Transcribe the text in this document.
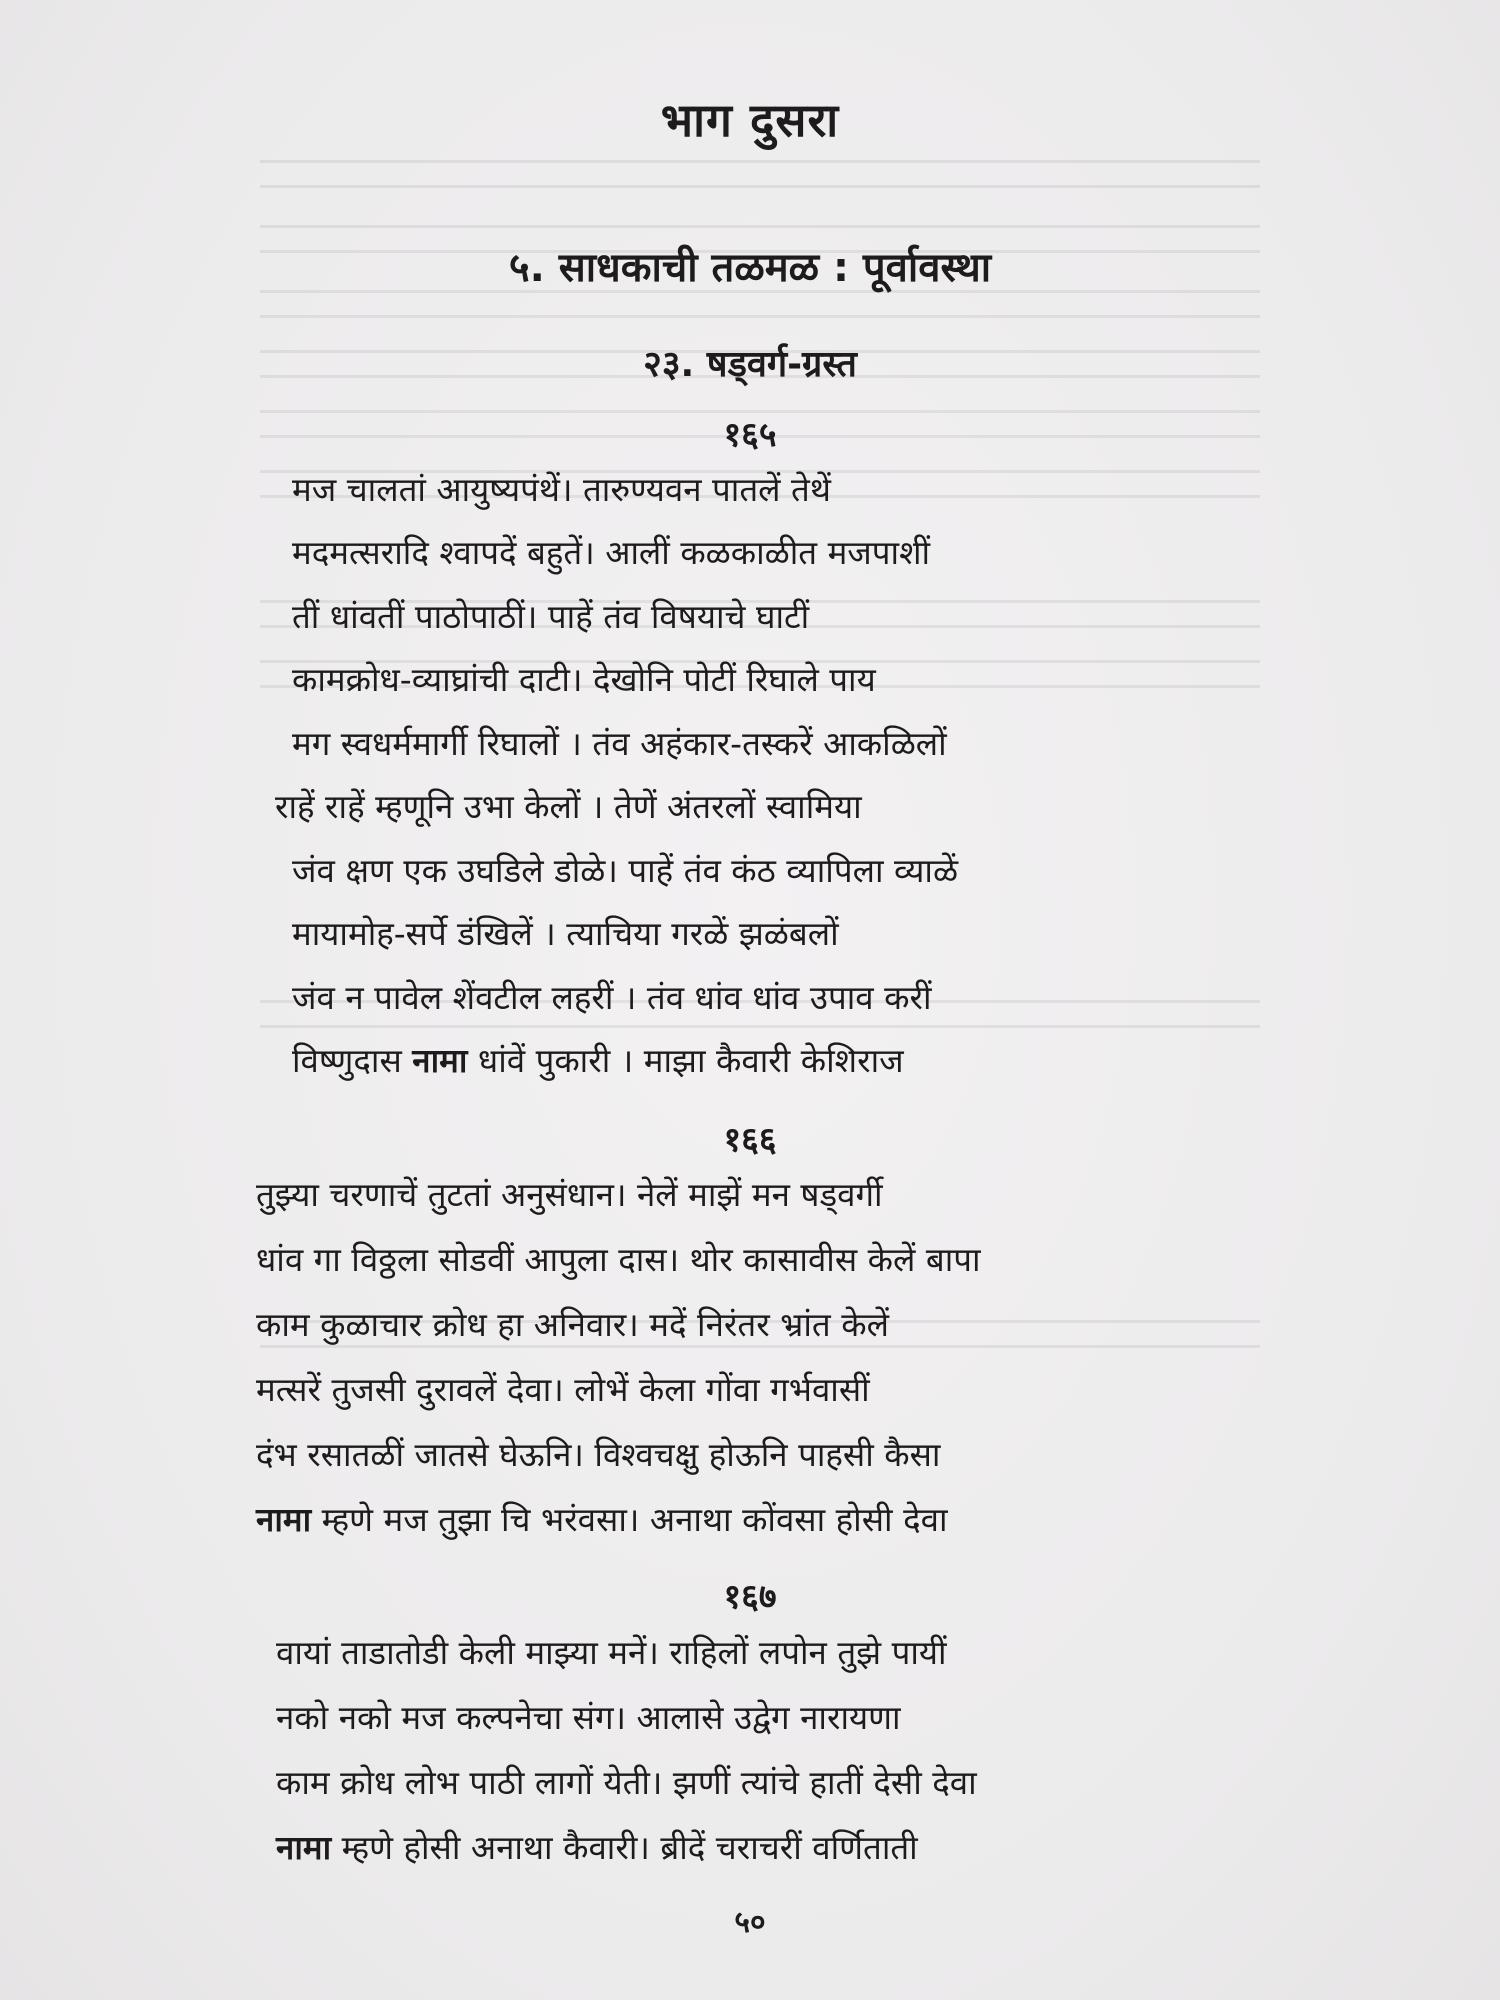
भाग दुसरा
५. साधकाची तळमळ : पूर्वावस्था
२३. षड्वर्ग-ग्रस्त
१६५
मज चालतां आयुष्यपंथें। तारुण्यवन पातलें तेथें
मदमत्सरादि श्वापदें बहुतें। आलीं कळकाळीत मजपाशीं
तीं धांवतीं पाठोपाठीं। पाहें तंव विषयाचे घाटीं
कामक्रोध-व्याघ्रांची दाटी। देखोनि पोटीं रिघाले पाय
मग स्वधर्ममार्गी रिघालों । तंव अहंकार-तस्करें आकळिलों
राहें राहें म्हणूनि उभा केलों । तेणें अंतरलों स्वामिया
जंव क्षण एक उघडिले डोळे। पाहें तंव कंठ व्यापिला व्याळें
मायामोह-सर्पे डंखिलें । त्याचिया गरळें झळंबलों
जंव न पावेल शेंवटील लहरीं । तंव धांव धांव उपाव करीं
विष्णुदास नामा धांवें पुकारी । माझा कैवारी केशिराज
१६६
तुझ्या चरणाचें तुटतां अनुसंधान। नेलें माझें मन षड्वर्गी
धांव गा विठ्ठला सोडवीं आपुला दास। थोर कासावीस केलें बापा
काम कुळाचार क्रोध हा अनिवार। मदें निरंतर भ्रांत केलें
मत्सरें तुजसी दुरावलें देवा। लोभें केला गोंवा गर्भवासीं
दंभ रसातळीं जातसे घेऊनि। विश्वचक्षु होऊनि पाहसी कैसा
नामा म्हणे मज तुझा चि भरंवसा। अनाथा कोंवसा होसी देवा
१६७
वायां ताडातोडी केली माझ्या मनें। राहिलों लपोन तुझे पायीं
नको नको मज कल्पनेचा संग। आलासे उद्वेग नारायणा
काम क्रोध लोभ पाठी लागों येती। झणीं त्यांचे हातीं देसी देवा
नामा म्हणे होसी अनाथा कैवारी। ब्रीदें चराचरीं वर्णिताती
५०
